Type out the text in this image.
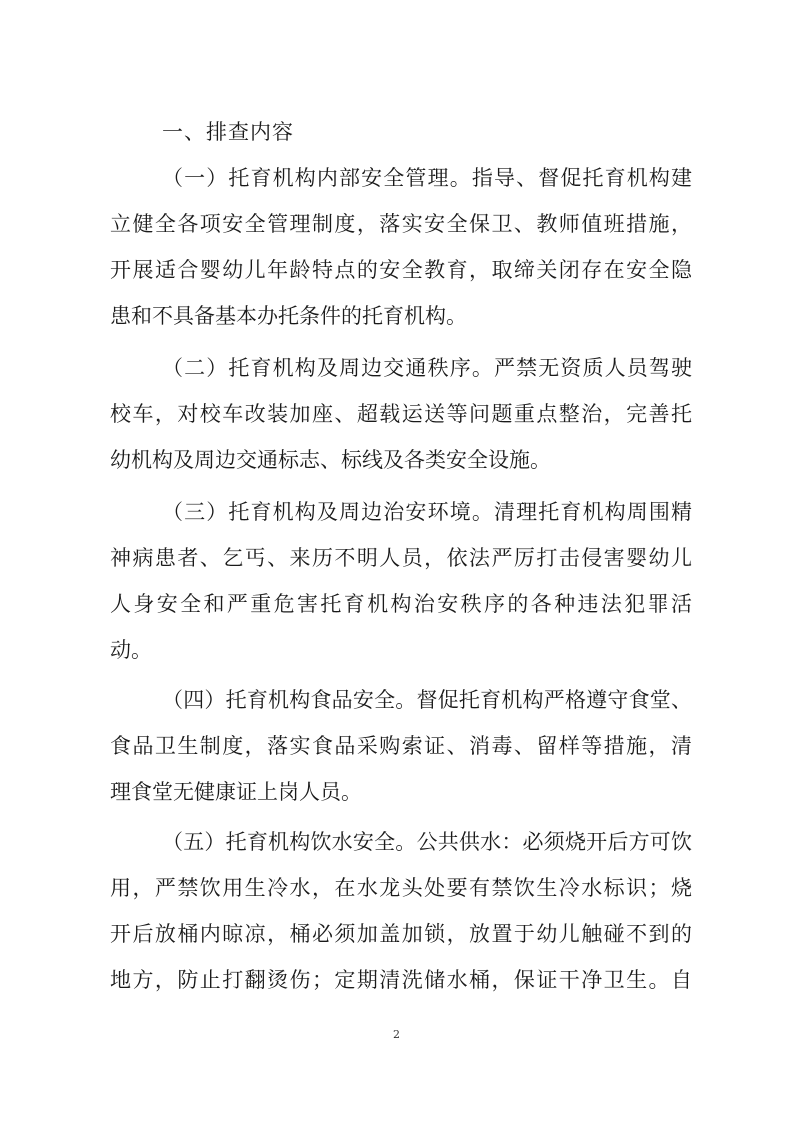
一、排查内容
（一）托育机构内部安全管理。指导、督促托育机构建
立健全各项安全管理制度，落实安全保卫、教师值班措施，
开展适合婴幼儿年龄特点的安全教育，取缔关闭存在安全隐
患和不具备基本办托条件的托育机构。
（二）托育机构及周边交通秩序。严禁无资质人员驾驶
校车，对校车改装加座、超载运送等问题重点整治，完善托
幼机构及周边交通标志、标线及各类安全设施。
（三）托育机构及周边治安环境。清理托育机构周围精
神病患者、乞丐、来历不明人员，依法严厉打击侵害婴幼儿
人身安全和严重危害托育机构治安秩序的各种违法犯罪活
动。
（四）托育机构食品安全。督促托育机构严格遵守食堂、
食品卫生制度，落实食品采购索证、消毒、留样等措施，清
理食堂无健康证上岗人员。
（五）托育机构饮水安全。公共供水：必须烧开后方可饮
用，严禁饮用生冷水，在水龙头处要有禁饮生冷水标识；烧
开后放桶内晾凉，桶必须加盖加锁，放置于幼儿触碰不到的
地方，防止打翻烫伤；定期清洗储水桶，保证干净卫生。自
2
